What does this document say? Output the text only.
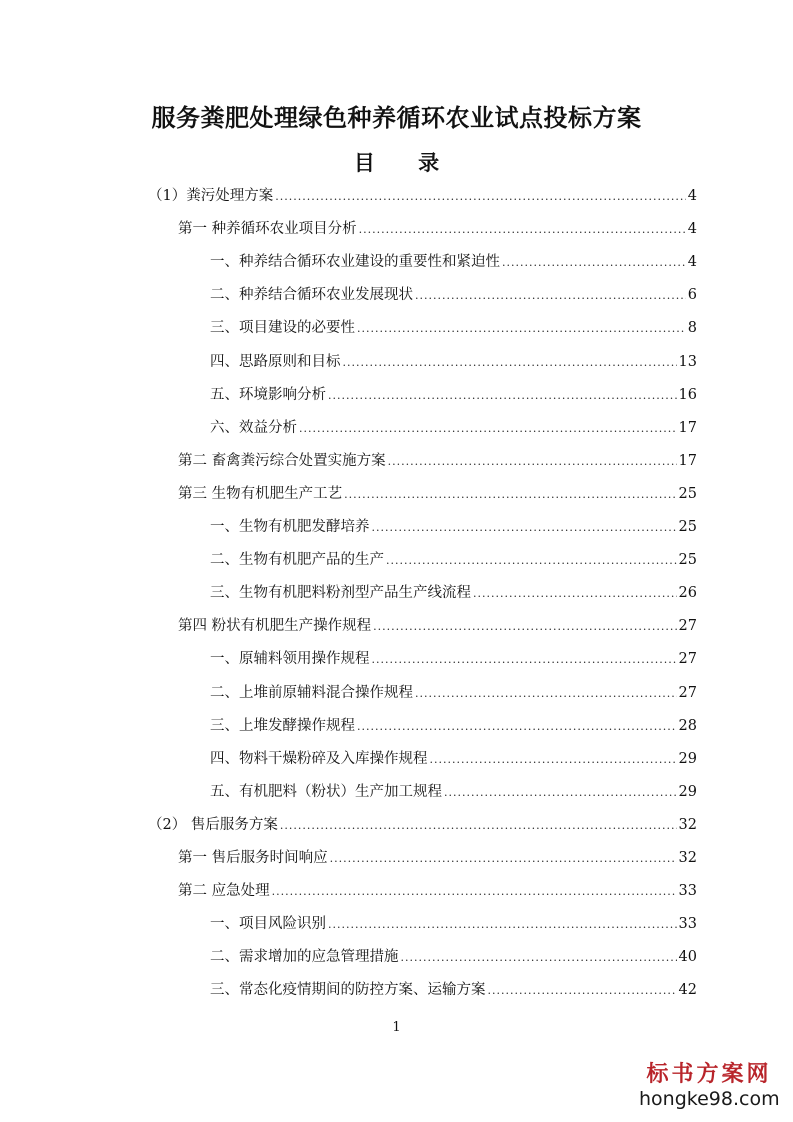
服务粪肥处理绿色种养循环农业试点投标方案
目 录
（1）粪污处理方案 .....	4
第一 种养循环农业项目分析 .....	4
一、种养结合循环农业建设的重要性和紧迫性 .....	4
二、种养结合循环农业发展现状 .....	6
三、项目建设的必要性 .....	8
四、思路原则和目标 .....	13
五、环境影响分析 .....	16
六、效益分析 .....	17
第二 畜禽粪污综合处置实施方案 .....	17
第三 生物有机肥生产工艺 .....	25
一、生物有机肥发酵培养 .....	25
二、生物有机肥产品的生产 .....	25
三、生物有机肥料粉剂型产品生产线流程 .....	26
第四 粉状有机肥生产操作规程 .....	27
一、原辅料领用操作规程 .....	27
二、上堆前原辅料混合操作规程 .....	27
三、上堆发酵操作规程 .....	28
四、物料干燥粉碎及入库操作规程 .....	29
五、有机肥料（粉状）生产加工规程 .....	29
（2） 售后服务方案 .....	32
第一 售后服务时间响应 .....	32
第二 应急处理 .....	33
一、项目风险识别 .....	33
二、需求增加的应急管理措施 .....	40
三、常态化疫情期间的防控方案、运输方案 .....	42
1
标书方案网
hongke98.com
